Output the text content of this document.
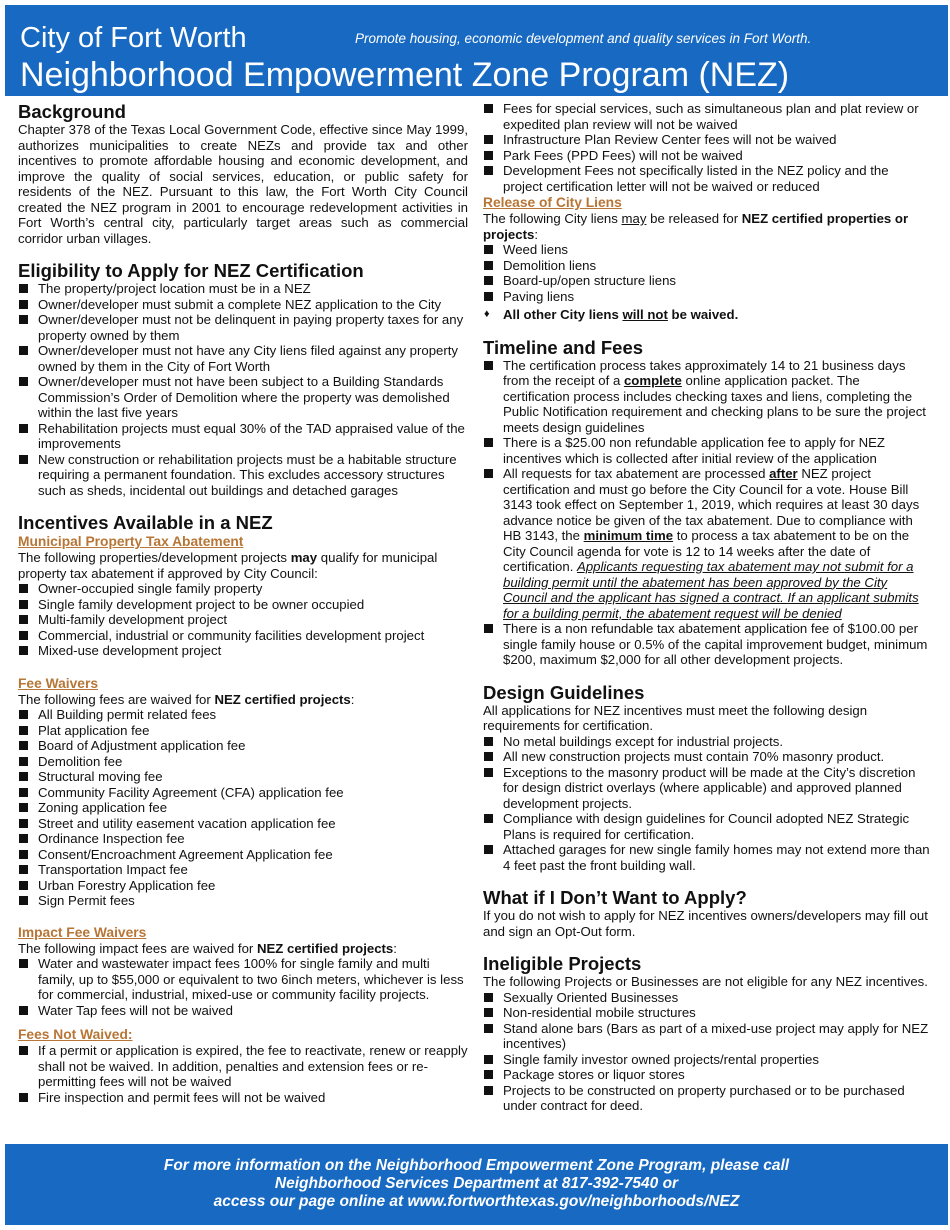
City of Fort Worth	Promote housing, economic development and quality services in Fort Worth.
Neighborhood Empowerment Zone Program (NEZ)
Background

Chapter 378 of the Texas Local Government Code, effective since May 1999, authorizes municipalities to create NEZs and provide tax and other incentives to promote affordable housing and economic development, and improve the quality of social services, education, or public safety for residents of the NEZ. Pursuant to this law, the Fort Worth City Council created the NEZ program in 2001 to encourage redevelopment activities in Fort Worth’s central city, particularly target areas such as commercial corridor urban villages.

Eligibility to Apply for NEZ Certification
The property/project location must be in a NEZ
Owner/developer must submit a complete NEZ application to the City
Owner/developer must not be delinquent in paying property taxes for any property owned by them
Owner/developer must not have any City liens filed against any property owned by them in the City of Fort Worth
Owner/developer must not have been subject to a Building Standards Commission’s Order of Demolition where the property was demolished within the last five years
Rehabilitation projects must equal 30% of the TAD appraised value of the improvements
New construction or rehabilitation projects must be a habitable structure requiring a permanent foundation. This excludes accessory structures such as sheds, incidental out buildings and detached garages
Incentives Available in a NEZ
Municipal Property Tax Abatement

The following properties/development projects may qualify for municipal property tax abatement if approved by City Council:

Owner-occupied single family property
Single family development project to be owner occupied
Multi-family development project
Commercial, industrial or community facilities development project
Mixed-use development project
Fee Waivers

The following fees are waived for NEZ certified projects:

All Building permit related fees
Plat application fee
Board of Adjustment application fee
Demolition fee
Structural moving fee
Community Facility Agreement (CFA) application fee
Zoning application fee
Street and utility easement vacation application fee
Ordinance Inspection fee
Consent/Encroachment Agreement Application fee
Transportation Impact fee
Urban Forestry Application fee
Sign Permit fees
Impact Fee Waivers

The following impact fees are waived for NEZ certified projects:

Water and wastewater impact fees 100% for single family and multi family, up to $55,000 or equivalent to two 6inch meters, whichever is less for commercial, industrial, mixed-use or community facility projects.
Water Tap fees will not be waived
Fees Not Waived:
If a permit or application is expired, the fee to reactivate, renew or reapply shall not be waived. In addition, penalties and extension fees or re-permitting fees will not be waived
Fire inspection and permit fees will not be waived
Fees for special services, such as simultaneous plan and plat review or expedited plan review will not be waived
Infrastructure Plan Review Center fees will not be waived
Park Fees (PPD Fees) will not be waived
Development Fees not specifically listed in the NEZ policy and the project certification letter will not be waived or reduced
Release of City Liens

The following City liens may be released for NEZ certified properties or projects:

Weed liens
Demolition liens
Board-up/open structure liens
Paving liens
♦ All other City liens will not be waived.
Timeline and Fees
The certification process takes approximately 14 to 21 business days from the receipt of a complete online application packet. The certification process includes checking taxes and liens, completing the Public Notification requirement and checking plans to be sure the project meets design guidelines
There is a $25.00 non refundable application fee to apply for NEZ incentives which is collected after initial review of the application
All requests for tax abatement are processed after NEZ project certification and must go before the City Council for a vote. House Bill 3143 took effect on September 1, 2019, which requires at least 30 days advance notice be given of the tax abatement. Due to compliance with HB 3143, the minimum time to process a tax abatement to be on the City Council agenda for vote is 12 to 14 weeks after the date of certification. Applicants requesting tax abatement may not submit for a building permit until the abatement has been approved by the City Council and the applicant has signed a contract. If an applicant submits for a building permit, the abatement request will be denied
There is a non refundable tax abatement application fee of $100.00 per single family house or 0.5% of the capital improvement budget, minimum $200, maximum $2,000 for all other development projects.
Design Guidelines

All applications for NEZ incentives must meet the following design requirements for certification.

No metal buildings except for industrial projects.
All new construction projects must contain 70% masonry product.
Exceptions to the masonry product will be made at the City’s discretion for design district overlays (where applicable) and approved planned development projects.
Compliance with design guidelines for Council adopted NEZ Strategic Plans is required for certification.
Attached garages for new single family homes may not extend more than 4 feet past the front building wall.
What if I Don’t Want to Apply?

If you do not wish to apply for NEZ incentives owners/developers may fill out and sign an Opt-Out form.

Ineligible Projects

The following Projects or Businesses are not eligible for any NEZ incentives.

Sexually Oriented Businesses
Non-residential mobile structures
Stand alone bars (Bars as part of a mixed-use project may apply for NEZ incentives)
Single family investor owned projects/rental properties
Package stores or liquor stores
Projects to be constructed on property purchased or to be purchased under contract for deed.
For more information on the Neighborhood Empowerment Zone Program, please call
Neighborhood Services Department at 817-392-7540 or
access our page online at www.fortworthtexas.gov/neighborhoods/NEZ
